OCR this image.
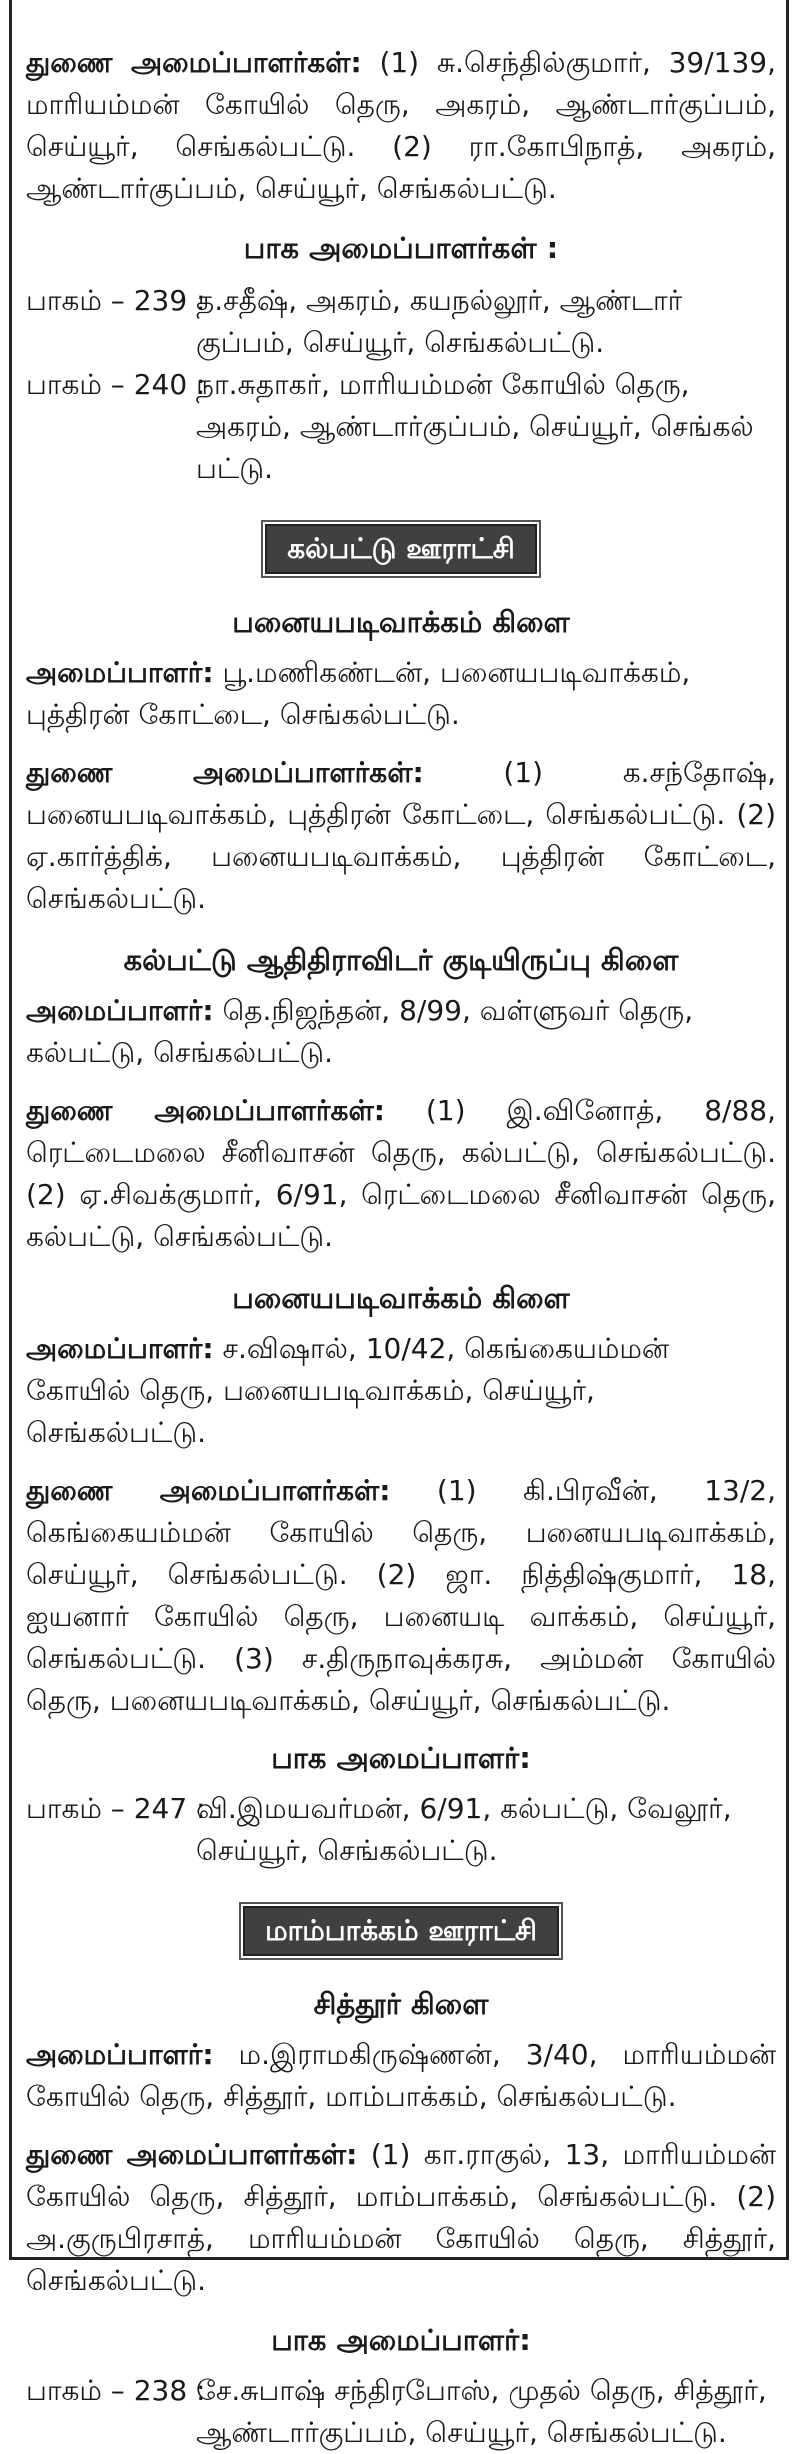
துணை அமைப்பாளர்கள்: (1) சு.செந்தில்குமார், 39/139, மாரியம்மன் கோயில் தெரு, அகரம், ஆண்டார்குப்பம், செய்யூர், செங்கல்பட்டு. (2) ரா.கோபிநாத், அகரம், ஆண்டார்குப்பம், செய்யூர், செங்கல்பட்டு.

பாக அமைப்பாளர்கள் :

பாகம் – 239 :
த.சதீஷ், அகரம், கயநல்லூர், ஆண்டார் குப்பம், செய்யூர், செங்கல்பட்டு.
பாகம் – 240 :
நா.சுதாகர், மாரியம்மன் கோயில் தெரு, அகரம், ஆண்டார்குப்பம், செய்யூர், செங்கல் பட்டு.
கல்பட்டு ஊராட்சி

பனையபடிவாக்கம் கிளை

அமைப்பாளர்: பூ.மணிகண்டன், பனையபடிவாக்கம், புத்திரன் கோட்டை, செங்கல்பட்டு.

துணை அமைப்பாளர்கள்:	(1) க.சந்தோஷ், பனையபடிவாக்கம், புத்திரன் கோட்டை, செங்கல்பட்டு. (2) ஏ.கார்த்திக், பனையபடிவாக்கம், புத்திரன் கோட்டை, செங்கல்பட்டு.

கல்பட்டு ஆதிதிராவிடர் குடியிருப்பு கிளை

அமைப்பாளர்: தெ.நிஜந்தன், 8/99, வள்ளுவர் தெரு, கல்பட்டு, செங்கல்பட்டு.

துணை அமைப்பாளர்கள்: (1) இ.வினோத், 8/88, ரெட்டைமலை சீனிவாசன் தெரு, கல்பட்டு, செங்கல்பட்டு. (2) ஏ.சிவக்குமார், 6/91, ரெட்டைமலை சீனிவாசன் தெரு, கல்பட்டு, செங்கல்பட்டு.

பனையபடிவாக்கம் கிளை

அமைப்பாளர்: ச.விஷால், 10/42, கெங்கையம்மன் கோயில் தெரு, பனையபடிவாக்கம், செய்யூர், செங்கல்பட்டு.

துணை அமைப்பாளர்கள்: (1) கி.பிரவீன், 13/2, கெங்கையம்மன் கோயில் தெரு, பனையபடிவாக்கம், செய்யூர், செங்கல்பட்டு. (2) ஜா. நித்திஷ்குமார், 18, ஐயனார் கோயில் தெரு, பனையடி வாக்கம், செய்யூர், செங்கல்பட்டு. (3) ச.திருநாவுக்கரசு, அம்மன் கோயில் தெரு, பனையபடிவாக்கம், செய்யூர், செங்கல்பட்டு.

பாக அமைப்பாளர்:

பாகம் – 247 :
வி.இமயவர்மன், 6/91, கல்பட்டு, வேலூர், செய்யூர், செங்கல்பட்டு.
மாம்பாக்கம் ஊராட்சி

சித்தூர் கிளை

அமைப்பாளர்: ம.இராமகிருஷ்ணன், 3/40, மாரியம்மன் கோயில் தெரு, சித்தூர், மாம்பாக்கம், செங்கல்பட்டு.

துணை அமைப்பாளர்கள்: (1) கா.ராகுல், 13, மாரியம்மன் கோயில் தெரு, சித்தூர், மாம்பாக்கம், செங்கல்பட்டு. (2) அ.குருபிரசாத், மாரியம்மன் கோயில் தெரு, சித்தூர், செங்கல்பட்டு.

பாக அமைப்பாளர்:

பாகம் – 238 :
சே.சுபாஷ் சந்திரபோஸ், முதல் தெரு, சித்தூர், ஆண்டார்குப்பம், செய்யூர், செங்கல்பட்டு.
